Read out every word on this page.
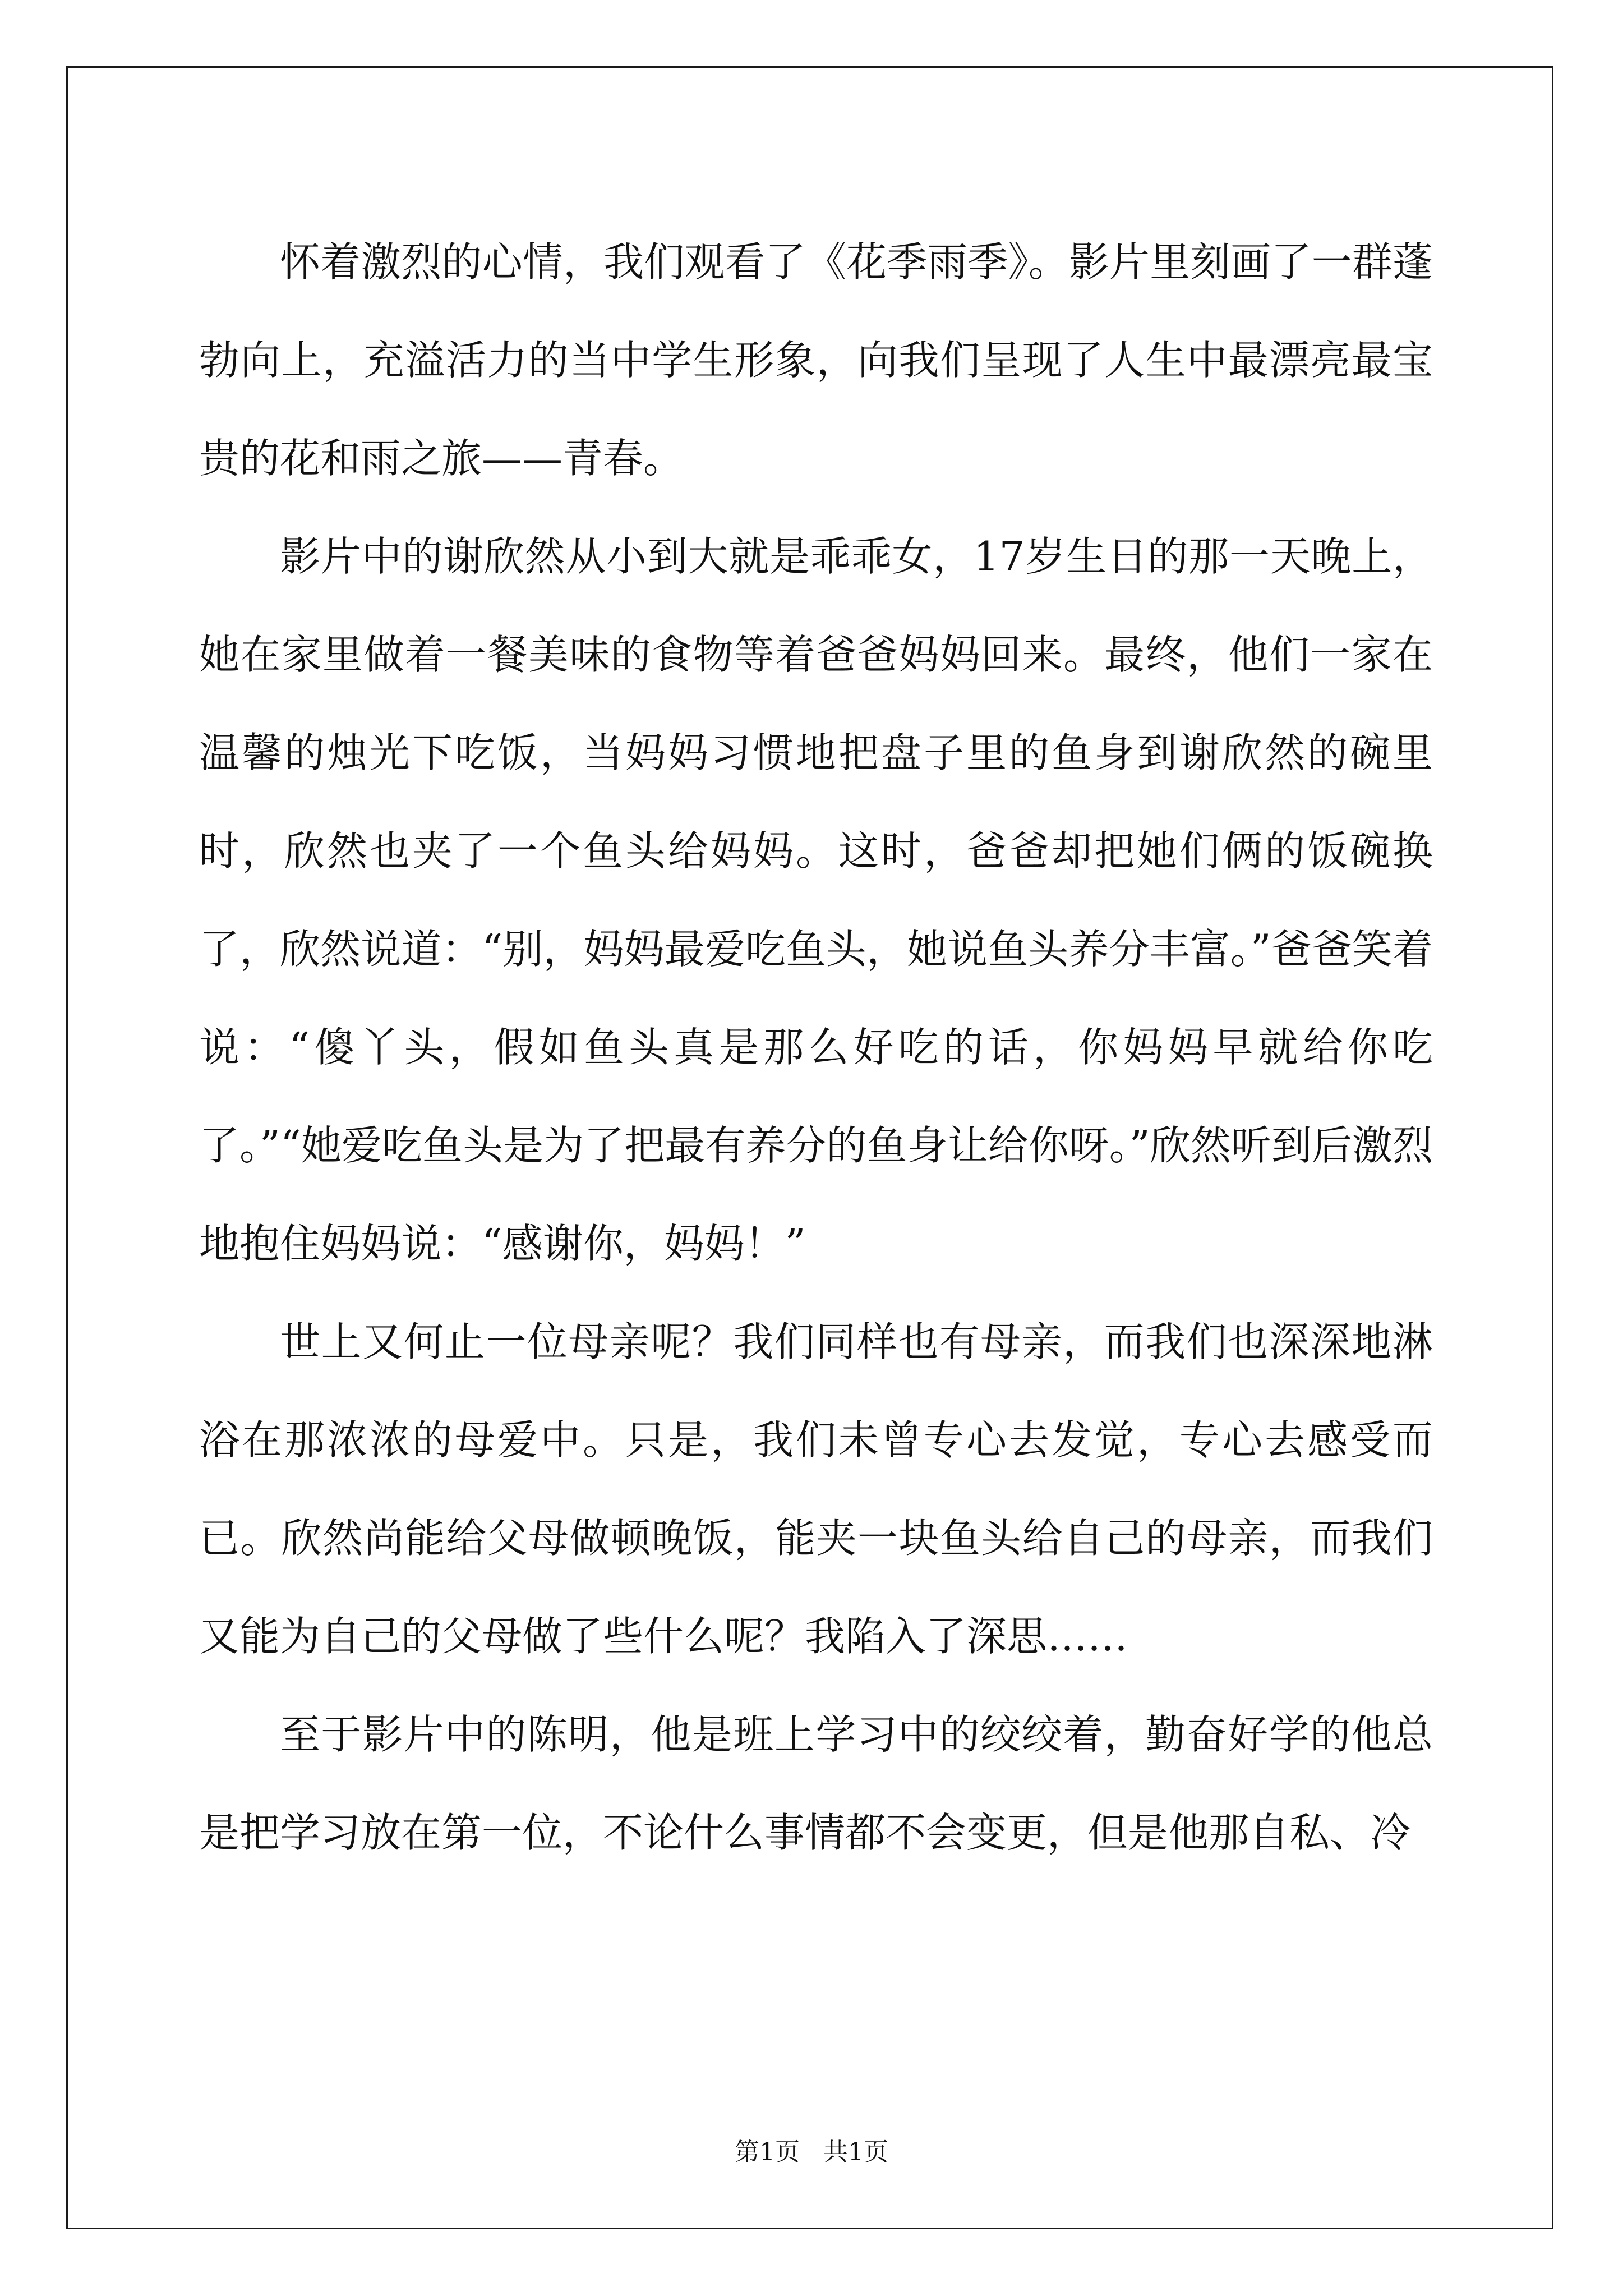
怀着激烈的心情，我们观看了《花季雨季》。影片里刻画了一群蓬勃向上，充溢活力的当中学生形象，向我们呈现了人生中最漂亮最宝贵的花和雨之旅——青春。

影片中的谢欣然从小到大就是乖乖女，17岁生日的那一天晚上，她在家里做着一餐美味的食物等着爸爸妈妈回来。最终，他们一家在温馨的烛光下吃饭，当妈妈习惯地把盘子里的鱼身到谢欣然的碗里时，欣然也夹了一个鱼头给妈妈。这时，爸爸却把她们俩的饭碗换了，欣然说道：“别，妈妈最爱吃鱼头，她说鱼头养分丰富。”爸爸笑着说：“傻丫头，假如鱼头真是那么好吃的话，你妈妈早就给你吃了。”“她爱吃鱼头是为了把最有养分的鱼身让给你呀。”欣然听到后激烈地抱住妈妈说：“感谢你，妈妈！”

世上又何止一位母亲呢？我们同样也有母亲，而我们也深深地淋浴在那浓浓的母爱中。只是，我们未曾专心去发觉，专心去感受而已。欣然尚能给父母做顿晚饭，能夹一块鱼头给自己的母亲，而我们又能为自己的父母做了些什么呢？我陷入了深思……

至于影片中的陈明，他是班上学习中的绞绞着，勤奋好学的他总是把学习放在第一位，不论什么事情都不会变更，但是他那自私、冷

第1页 共1页
